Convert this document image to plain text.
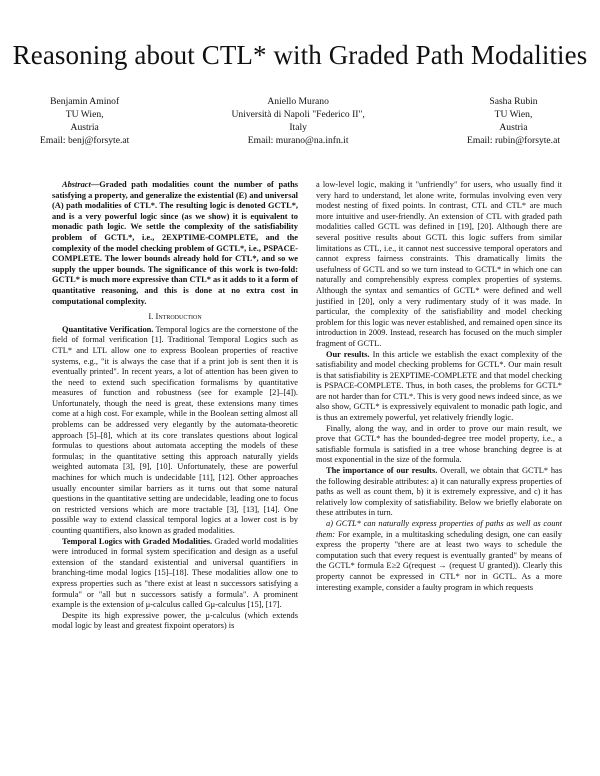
Reasoning about CTL* with Graded Path Modalities
Benjamin Aminof
TU Wien,
Austria
Email: benj@forsyte.at
Aniello Murano
Università di Napoli "Federico II",
Italy
Email: murano@na.infn.it
Sasha Rubin
TU Wien,
Austria
Email: rubin@forsyte.at

Abstract—Graded path modalities count the number of paths satisfying a property, and generalize the existential (E) and universal (A) path modalities of CTL*. The resulting logic is denoted GCTL*, and is a very powerful logic since (as we show) it is equivalent to monadic path logic. We settle the complexity of the satisfiability problem of GCTL*, i.e., 2EXPTIME-COMPLETE, and the complexity of the model checking problem of GCTL*, i.e., PSPACE-COMPLETE. The lower bounds already hold for CTL*, and so we supply the upper bounds. The significance of this work is two-fold: GCTL* is much more expressive than CTL* as it adds to it a form of quantitative reasoning, and this is done at no extra cost in computational complexity.

I. Introduction

Quantitative Verification. Temporal logics are the cornerstone of the field of formal verification [1]. Traditional Temporal Logics such as CTL* and LTL allow one to express Boolean properties of reactive systems, e.g., "it is always the case that if a print job is sent then it is eventually printed". In recent years, a lot of attention has been given to the need to extend such specification formalisms by quantitative measures of function and robustness (see for example [2]–[4]). Unfortunately, though the need is great, these extensions many times come at a high cost. For example, while in the Boolean setting almost all problems can be addressed very elegantly by the automata-theoretic approach [5]–[8], which at its core translates questions about logical formulas to questions about automata accepting the models of these formulas; in the quantitative setting this approach naturally yields weighted automata [3], [9], [10]. Unfortunately, these are powerful machines for which much is undecidable [11], [12]. Other approaches usually encounter similar barriers as it turns out that some natural questions in the quantitative setting are undecidable, leading one to focus on restricted versions which are more tractable [3], [13], [14]. One possible way to extend classical temporal logics at a lower cost is by counting quantifiers, also known as graded modalities.

Temporal Logics with Graded Modalities. Graded world modalities were introduced in formal system specification and design as a useful extension of the standard existential and universal quantifiers in branching-time modal logics [15]–[18]. These modalities allow one to express properties such as "there exist at least n successors satisfying a formula" or "all but n successors satisfy a formula". A prominent example is the extension of μ-calculus called Gμ-calculus [15], [17].

Despite its high expressive power, the μ-calculus (which extends modal logic by least and greatest fixpoint operators) is

a low-level logic, making it "unfriendly" for users, who usually find it very hard to understand, let alone write, formulas involving even very modest nesting of fixed points. In contrast, CTL and CTL* are much more intuitive and user-friendly. An extension of CTL with graded path modalities called GCTL was defined in [19], [20]. Although there are several positive results about GCTL this logic suffers from similar limitations as CTL, i.e., it cannot nest successive temporal operators and cannot express fairness constraints. This dramatically limits the usefulness of GCTL and so we turn instead to GCTL* in which one can naturally and comprehensibly express complex properties of systems. Although the syntax and semantics of GCTL* were defined and well justified in [20], only a very rudimentary study of it was made. In particular, the complexity of the satisfiability and model checking problem for this logic was never established, and remained open since its introduction in 2009. Instead, research has focused on the much simpler fragment of GCTL.

Our results. In this article we establish the exact complexity of the satisfiability and model checking problems for GCTL*. Our main result is that satisfiability is 2EXPTIME-COMPLETE and that model checking is PSPACE-COMPLETE. Thus, in both cases, the problems for GCTL* are not harder than for CTL*. This is very good news indeed since, as we also show, GCTL* is expressively equivalent to monadic path logic, and is thus an extremely powerful, yet relatively friendly logic.

Finally, along the way, and in order to prove our main result, we prove that GCTL* has the bounded-degree tree model property, i.e., a satisfiable formula is satisfied in a tree whose branching degree is at most exponential in the size of the formula.

The importance of our results. Overall, we obtain that GCTL* has the following desirable attributes: a) it can naturally express properties of paths as well as count them, b) it is extremely expressive, and c) it has relatively low complexity of satisfiability. Below we briefly elaborate on these attributes in turn.

a) GCTL* can naturally express properties of paths as well as count them: For example, in a multitasking scheduling design, one can easily express the property "there are at least two ways to schedule the computation such that every request is eventually granted" by means of the GCTL* formula E≥2 G(request → (request U granted)). Clearly this property cannot be expressed in CTL* nor in GCTL. As a more interesting example, consider a faulty program in which requests
